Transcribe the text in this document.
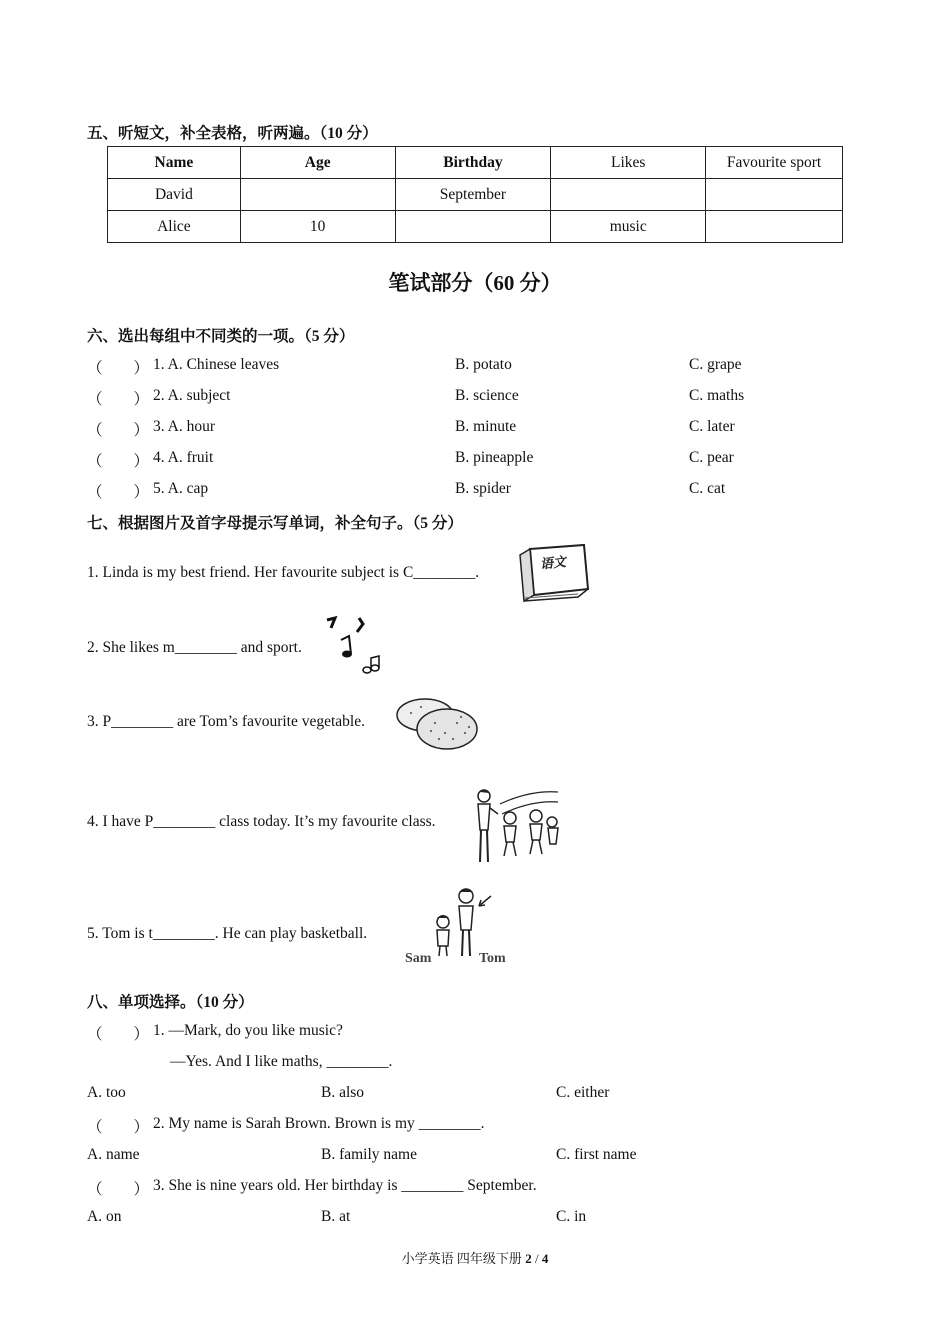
五、听短文，补全表格，听两遍。（10 分）
Name	Age	Birthday	Likes	Favourite sport
David		September		
Alice	10		music	
笔试部分（60 分）
六、选出每组中不同类的一项。（5 分）
（　　） 1. A. Chinese leaves	B. potato	C. grape
（　　） 2. A. subject	B. science	C. maths
（　　） 3. A. hour	B. minute	C. later
（　　） 4. A. fruit	B. pineapple	C. pear
（　　） 5. A. cap	B. spider	C. cat
七、根据图片及首字母提示写单词，补全句子。（5 分）
1. Linda is my best friend. Her favourite subject is C________.	语文
2. She likes m________ and sport.
3. P________ are Tom’s favourite vegetable.
4. I have P________ class today. It’s my favourite class.
5. Tom is t________. He can play basketball.
Sam	Tom
八、单项选择。（10 分）
（　　） 1. —Mark, do you like music?
—Yes. And I like maths, ________.
A. too	B. also	C. either
（　　） 2. My name is Sarah Brown. Brown is my ________.
A. name	B. family name	C. first name
（　　） 3. She is nine years old. Her birthday is ________ September.
A. on	B. at	C. in
小学英语 四年级下册 2 / 4
